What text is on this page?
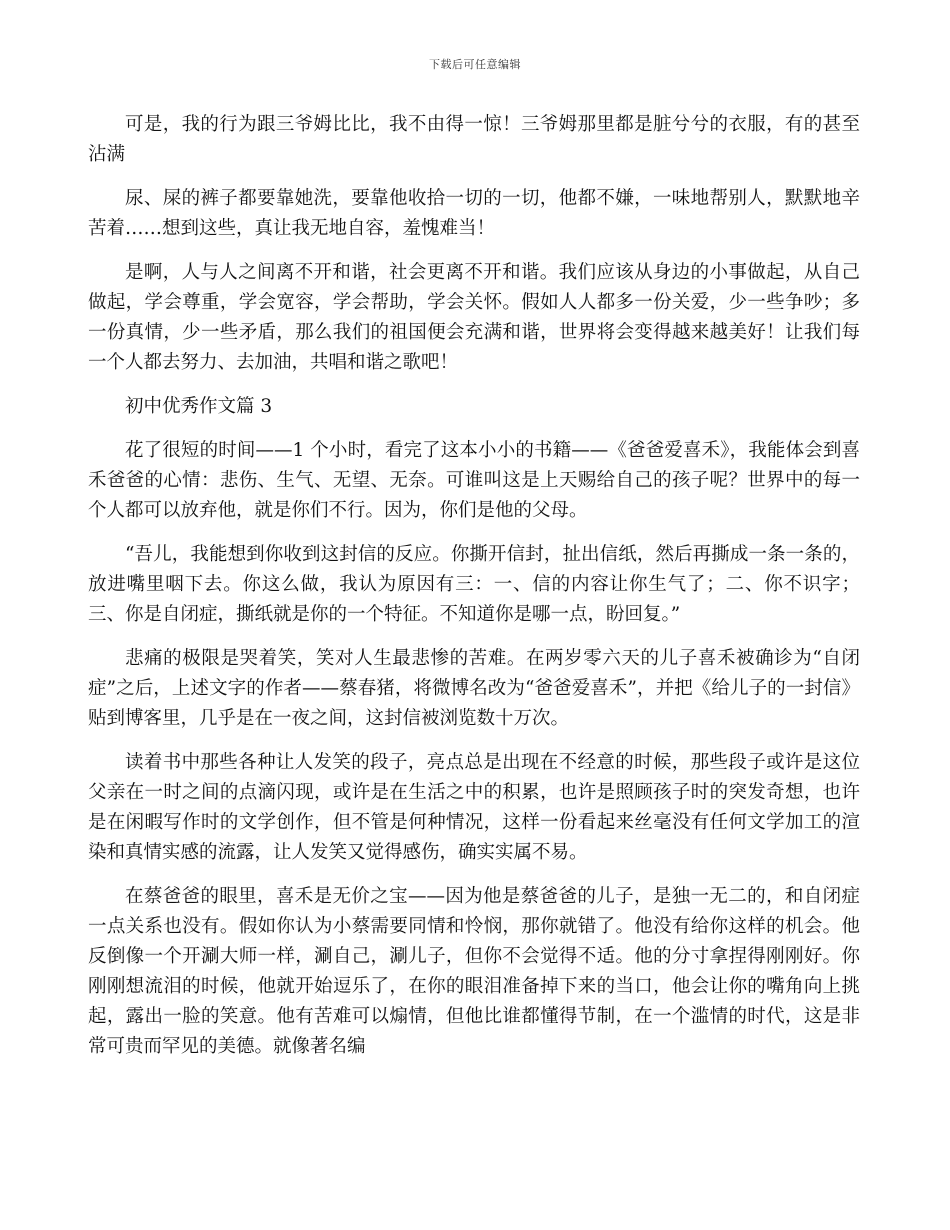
下载后可任意编辑

可是，我的行为跟三爷姆比比，我不由得一惊！三爷姆那里都是脏兮兮的衣服，有的甚至沾满

尿、屎的裤子都要靠她洗，要靠他收拾一切的一切，他都不嫌，一味地帮别人，默默地辛苦着……想到这些，真让我无地自容，羞愧难当！

是啊，人与人之间离不开和谐，社会更离不开和谐。我们应该从身边的小事做起，从自己做起，学会尊重，学会宽容，学会帮助，学会关怀。假如人人都多一份关爱，少一些争吵；多一份真情，少一些矛盾，那么我们的祖国便会充满和谐，世界将会变得越来越美好！让我们每一个人都去努力、去加油，共唱和谐之歌吧！

初中优秀作文篇 3

花了很短的时间——1 个小时，看完了这本小小的书籍——《爸爸爱喜禾》，我能体会到喜禾爸爸的心情：悲伤、生气、无望、无奈。可谁叫这是上天赐给自己的孩子呢？世界中的每一个人都可以放弃他，就是你们不行。因为，你们是他的父母。

“吾儿，我能想到你收到这封信的反应。你撕开信封，扯出信纸，然后再撕成一条一条的，放进嘴里咽下去。你这么做，我认为原因有三：一、信的内容让你生气了；二、你不识字；三、你是自闭症，撕纸就是你的一个特征。不知道你是哪一点，盼回复。”

悲痛的极限是哭着笑，笑对人生最悲惨的苦难。在两岁零六天的儿子喜禾被确诊为“自闭症”之后，上述文字的作者——蔡春猪，将微博名改为“爸爸爱喜禾”，并把《给儿子的一封信》贴到博客里，几乎是在一夜之间，这封信被浏览数十万次。

读着书中那些各种让人发笑的段子，亮点总是出现在不经意的时候，那些段子或许是这位父亲在一时之间的点滴闪现，或许是在生活之中的积累，也许是照顾孩子时的突发奇想，也许是在闲暇写作时的文学创作，但不管是何种情况，这样一份看起来丝毫没有任何文学加工的渲染和真情实感的流露，让人发笑又觉得感伤，确实实属不易。

在蔡爸爸的眼里，喜禾是无价之宝——因为他是蔡爸爸的儿子，是独一无二的，和自闭症一点关系也没有。假如你认为小蔡需要同情和怜悯，那你就错了。他没有给你这样的机会。他反倒像一个开涮大师一样，涮自己，涮儿子，但你不会觉得不适。他的分寸拿捏得刚刚好。你刚刚想流泪的时候，他就开始逗乐了，在你的眼泪准备掉下来的当口，他会让你的嘴角向上挑起，露出一脸的笑意。他有苦难可以煽情，但他比谁都懂得节制，在一个滥情的时代，这是非常可贵而罕见的美德。就像著名编
